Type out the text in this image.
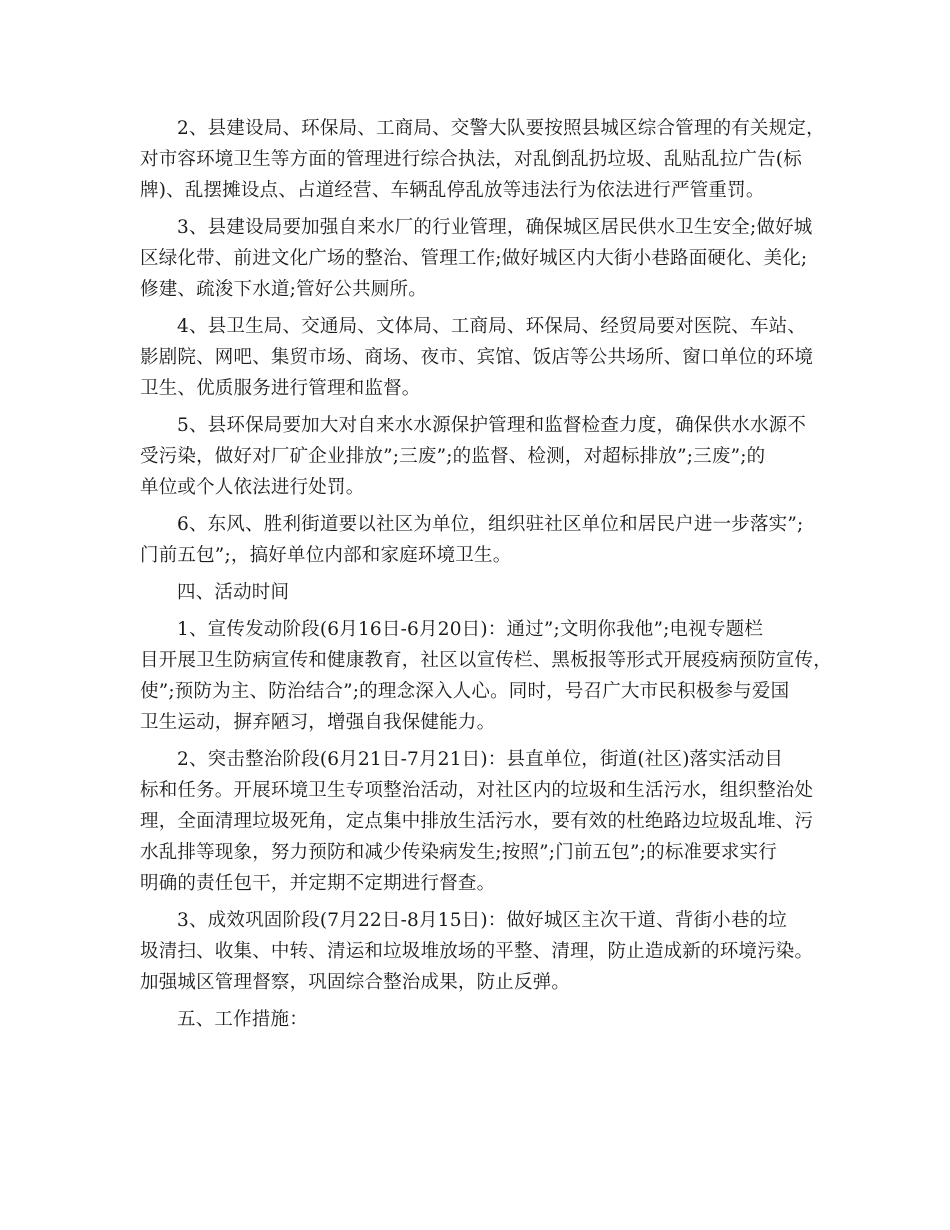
2、县建设局、环保局、工商局、交警大队要按照县城区综合管理的有关规定，
对市容环境卫生等方面的管理进行综合执法，对乱倒乱扔垃圾、乱贴乱拉广告(标
牌)、乱摆摊设点、占道经营、车辆乱停乱放等违法行为依法进行严管重罚。

3、县建设局要加强自来水厂的行业管理，确保城区居民供水卫生安全;做好城
区绿化带、前进文化广场的整治、管理工作;做好城区内大街小巷路面硬化、美化;
修建、疏浚下水道;管好公共厕所。

4、县卫生局、交通局、文体局、工商局、环保局、经贸局要对医院、车站、
影剧院、网吧、集贸市场、商场、夜市、宾馆、饭店等公共场所、窗口单位的环境
卫生、优质服务进行管理和监督。

5、县环保局要加大对自来水水源保护管理和监督检查力度，确保供水水源不
受污染，做好对厂矿企业排放”;三废”;的监督、检测，对超标排放”;三废”;的
单位或个人依法进行处罚。

6、东风、胜利街道要以社区为单位，组织驻社区单位和居民户进一步落实”;
门前五包”;，搞好单位内部和家庭环境卫生。

四、活动时间

1、宣传发动阶段(6月16日-6月20日)：通过”;文明你我他”;电视专题栏
目开展卫生防病宣传和健康教育，社区以宣传栏、黑板报等形式开展疫病预防宣传，
使”;预防为主、防治结合”;的理念深入人心。同时，号召广大市民积极参与爱国
卫生运动，摒弃陋习，增强自我保健能力。

2、突击整治阶段(6月21日-7月21日)：县直单位，街道(社区)落实活动目
标和任务。开展环境卫生专项整治活动，对社区内的垃圾和生活污水，组织整治处
理，全面清理垃圾死角，定点集中排放生活污水，要有效的杜绝路边垃圾乱堆、污
水乱排等现象，努力预防和减少传染病发生;按照”;门前五包”;的标准要求实行
明确的责任包干，并定期不定期进行督查。

3、成效巩固阶段(7月22日-8月15日)：做好城区主次干道、背街小巷的垃
圾清扫、收集、中转、清运和垃圾堆放场的平整、清理，防止造成新的环境污染。
加强城区管理督察，巩固综合整治成果，防止反弹。

五、工作措施：
